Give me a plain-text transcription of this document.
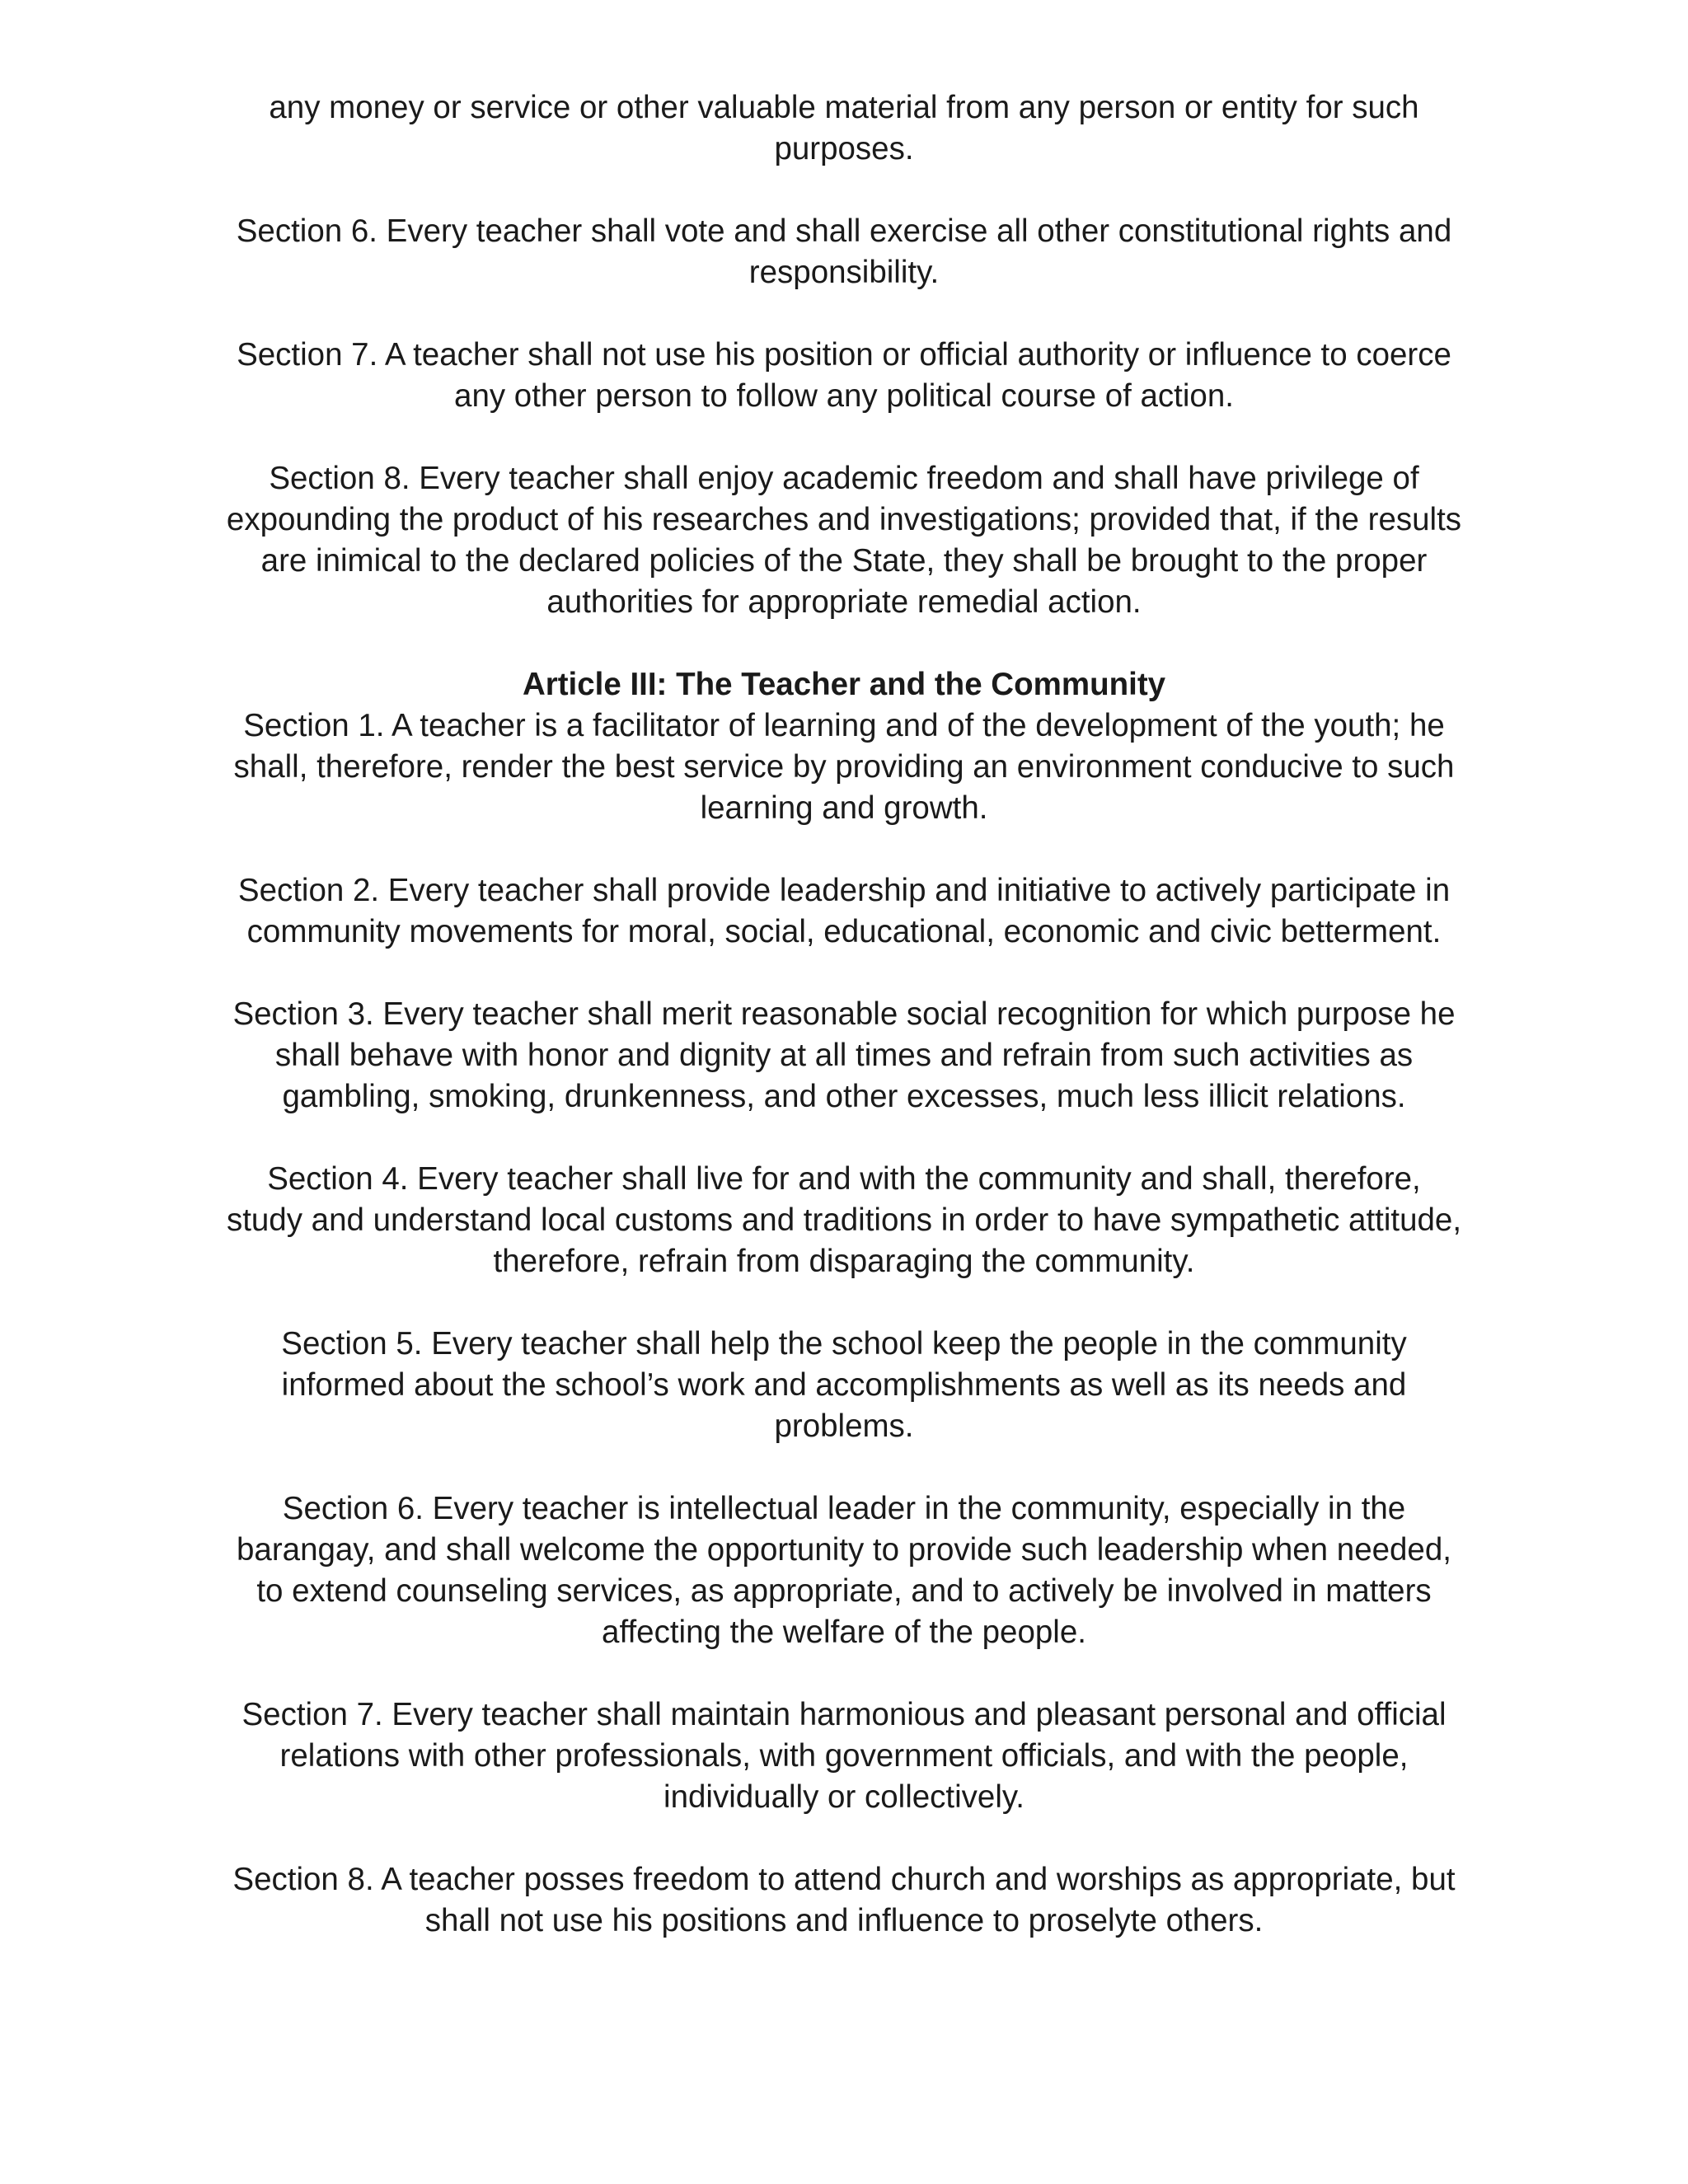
any money or service or other valuable material from any person or entity for such
purposes.

Section 6. Every teacher shall vote and shall exercise all other constitutional rights and
responsibility.

Section 7. A teacher shall not use his position or official authority or influence to coerce
any other person to follow any political course of action.

Section 8. Every teacher shall enjoy academic freedom and shall have privilege of
expounding the product of his researches and investigations; provided that, if the results
are inimical to the declared policies of the State, they shall be brought to the proper
authorities for appropriate remedial action.

Article III: The Teacher and the Community

Section 1. A teacher is a facilitator of learning and of the development of the youth; he
shall, therefore, render the best service by providing an environment conducive to such
learning and growth.

Section 2. Every teacher shall provide leadership and initiative to actively participate in
community movements for moral, social, educational, economic and civic betterment.

Section 3. Every teacher shall merit reasonable social recognition for which purpose he
shall behave with honor and dignity at all times and refrain from such activities as
gambling, smoking, drunkenness, and other excesses, much less illicit relations.

Section 4. Every teacher shall live for and with the community and shall, therefore,
study and understand local customs and traditions in order to have sympathetic attitude,
therefore, refrain from disparaging the community.

Section 5. Every teacher shall help the school keep the people in the community
informed about the school’s work and accomplishments as well as its needs and
problems.

Section 6. Every teacher is intellectual leader in the community, especially in the
barangay, and shall welcome the opportunity to provide such leadership when needed,
to extend counseling services, as appropriate, and to actively be involved in matters
affecting the welfare of the people.

Section 7. Every teacher shall maintain harmonious and pleasant personal and official
relations with other professionals, with government officials, and with the people,
individually or collectively.

Section 8. A teacher posses freedom to attend church and worships as appropriate, but
shall not use his positions and influence to proselyte others.
